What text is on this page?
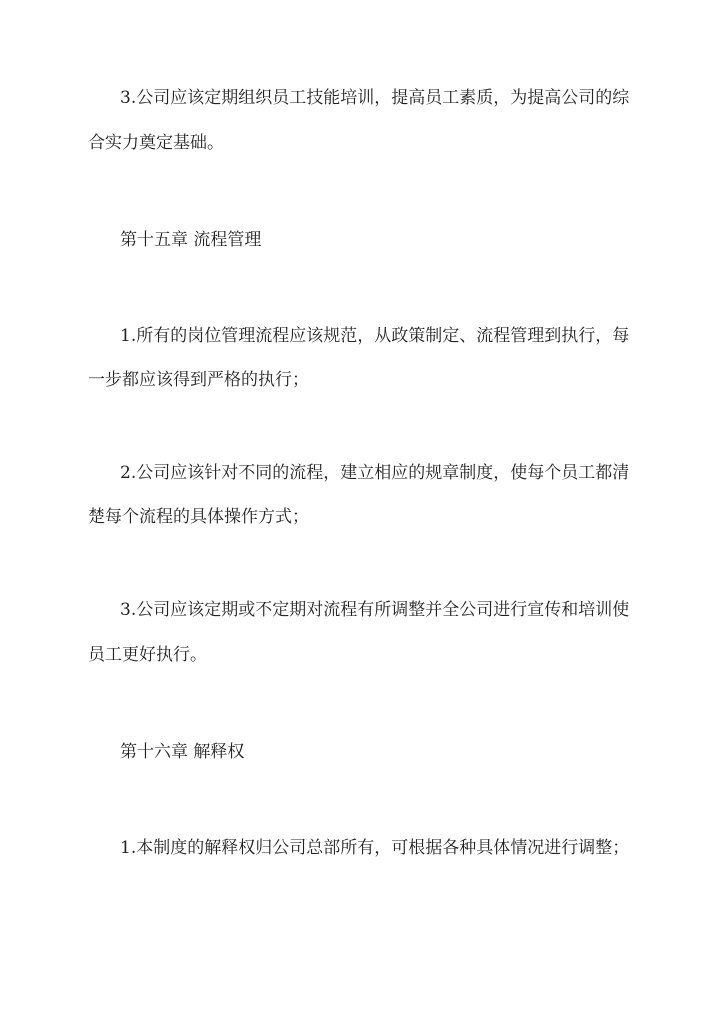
3.公司应该定期组织员工技能培训，提高员工素质，为提高公司的综
合实力奠定基础。
第十五章 流程管理
1.所有的岗位管理流程应该规范，从政策制定、流程管理到执行，每
一步都应该得到严格的执行；
2.公司应该针对不同的流程，建立相应的规章制度，使每个员工都清
楚每个流程的具体操作方式；
3.公司应该定期或不定期对流程有所调整并全公司进行宣传和培训使
员工更好执行。
第十六章 解释权
1.本制度的解释权归公司总部所有，可根据各种具体情况进行调整；
